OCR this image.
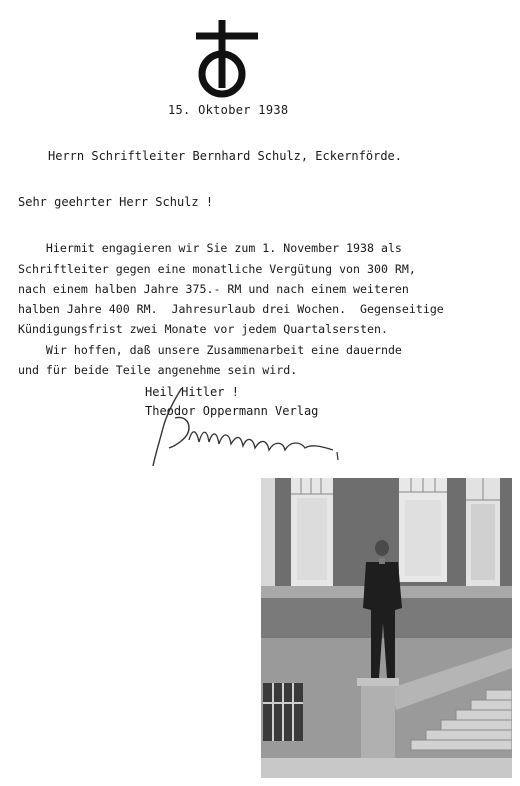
15. Oktober 1938
Herrn Schriftleiter Bernhard Schulz, Eckernförde.
Sehr geehrter Herr Schulz !

Hiermit engagieren wir Sie zum 1. November 1938 als
Schriftleiter gegen eine monatliche Vergütung von 300 RM,
nach einem halben Jahre 375.- RM und nach einem weiteren
halben Jahre 400 RM.  Jahresurlaub drei Wochen.  Gegenseitige
Kündigungsfrist zwei Monate vor jedem Quartalsersten.
Wir hoffen, daß unsere Zusammenarbeit eine dauernde
und für beide Teile angenehme sein wird.

Heil Hitler !
Theodor Oppermann Verlag
